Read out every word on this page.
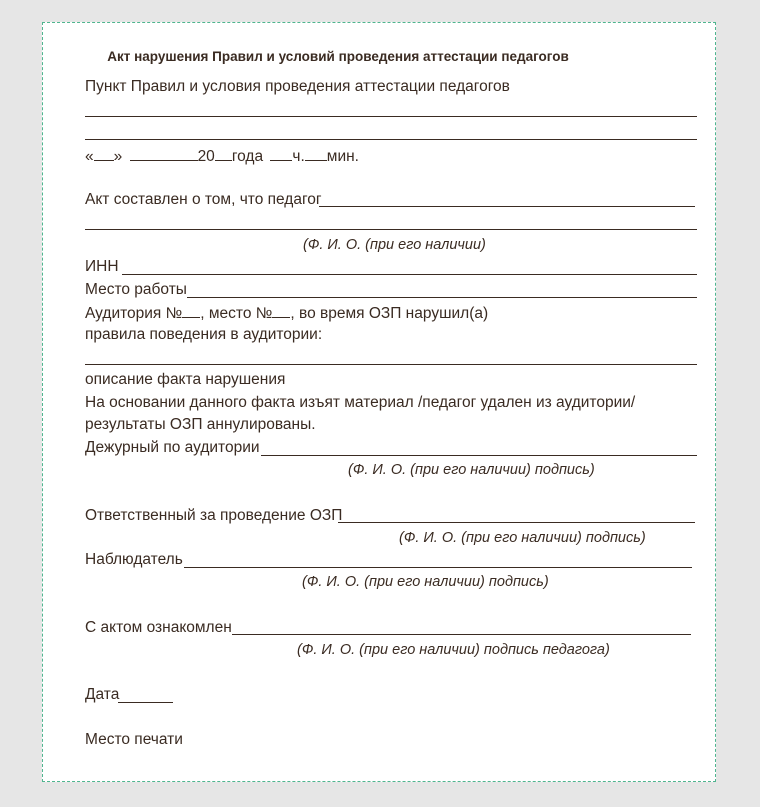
Акт нарушения Правил и условий проведения аттестации педагогов
Пункт Правил и условия проведения аттестации педагогов
« »	20 года ч. мин.
Акт составлен о том, что педагог
(Ф. И. О. (при его наличии)
ИНН
Место работы
Аудитория № , место № , во время ОЗП нарушил(а)
правила поведения в аудитории:
описание факта нарушения
На основании данного факта изъят материал /педагог удален из аудитории/
результаты ОЗП аннулированы.
Дежурный по аудитории
(Ф. И. О. (при его наличии) подпись)
Ответственный за проведение ОЗП
(Ф. И. О. (при его наличии) подпись)
Наблюдатель
(Ф. И. О. (при его наличии) подпись)
С актом ознакомлен
(Ф. И. О. (при его наличии) подпись педагога)
Дата
Место печати
